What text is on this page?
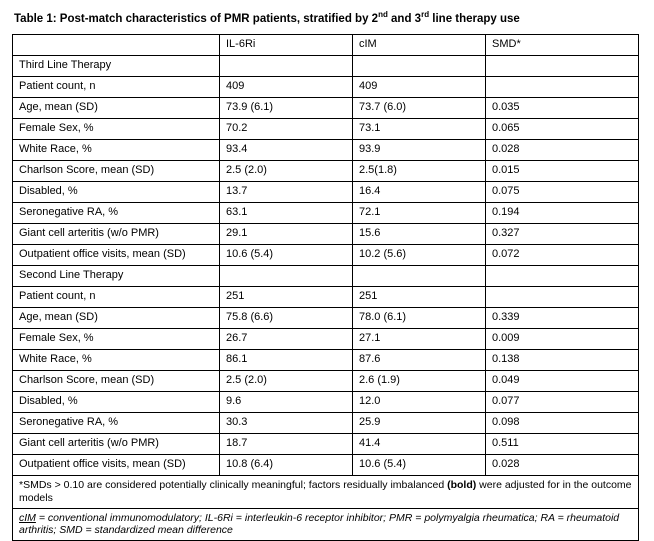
Table 1: Post-match characteristics of PMR patients, stratified by 2nd and 3rd line therapy use
	IL-6Ri	cIM	SMD*
Third Line Therapy			
Patient count, n	409	409	
Age, mean (SD)	73.9 (6.1)	73.7 (6.0)	0.035
Female Sex, %	70.2	73.1	0.065
White Race, %	93.4	93.9	0.028
Charlson Score, mean (SD)	2.5 (2.0)	2.5(1.8)	0.015
Disabled, %	13.7	16.4	0.075
Seronegative RA, %	63.1	72.1	0.194
Giant cell arteritis (w/o PMR)	29.1	15.6	0.327
Outpatient office visits, mean (SD)	10.6 (5.4)	10.2 (5.6)	0.072
Second Line Therapy			
Patient count, n	251	251	
Age, mean (SD)	75.8 (6.6)	78.0 (6.1)	0.339
Female Sex, %	26.7	27.1	0.009
White Race, %	86.1	87.6	0.138
Charlson Score, mean (SD)	2.5 (2.0)	2.6 (1.9)	0.049
Disabled, %	9.6	12.0	0.077
Seronegative RA, %	30.3	25.9	0.098
Giant cell arteritis (w/o PMR)	18.7	41.4	0.511
Outpatient office visits, mean (SD)	10.8 (6.4)	10.6 (5.4)	0.028
*SMDs > 0.10 are considered potentially clinically meaningful; factors residually imbalanced (bold) were adjusted for in the outcome models			
cIM = conventional immunomodulatory; IL-6Ri = interleukin-6 receptor inhibitor; PMR = polymyalgia rheumatica; RA = rheumatoid arthritis; SMD = standardized mean difference			
